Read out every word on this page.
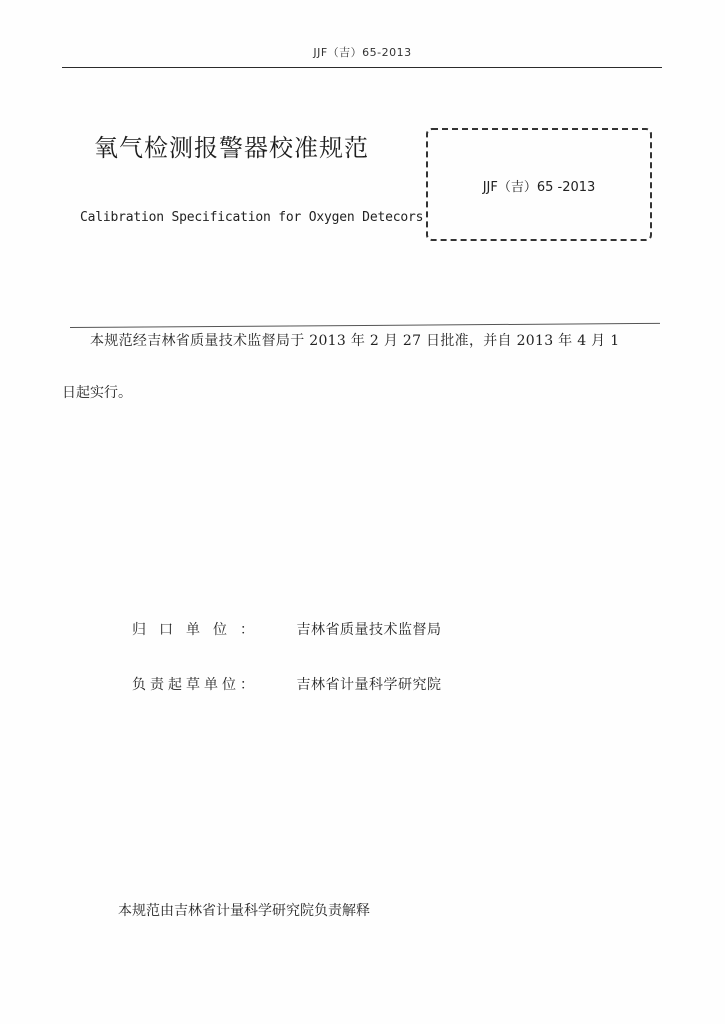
JJF（吉）65-2013
氧气检测报警器校准规范
Calibration Specification for Oxygen Detecors
JJF（吉）65 -2013
本规范经吉林省质量技术监督局于 2013 年 2 月 27 日批准，并自 2013 年 4 月 1
日起实行。
归口单位： 吉林省质量技术监督局
负责起草单位：	吉林省计量科学研究院
本规范由吉林省计量科学研究院负责解释
